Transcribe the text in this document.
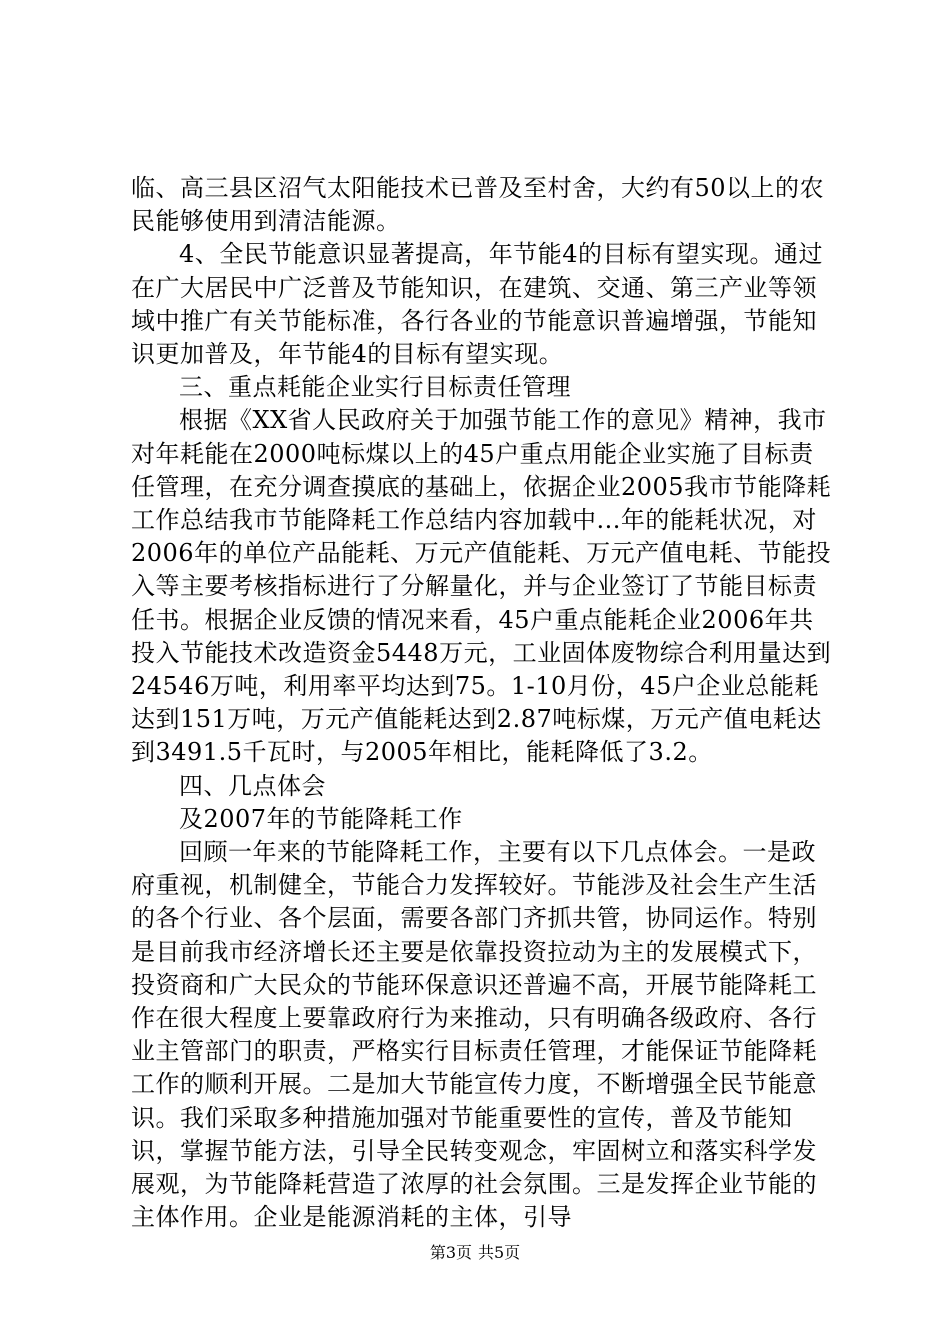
临、高三县区沼气太阳能技术已普及至村舍，大约有50以上的农民能够使用到清洁能源。

4、全民节能意识显著提高，年节能4的目标有望实现。通过在广大居民中广泛普及节能知识，在建筑、交通、第三产业等领域中推广有关节能标准，各行各业的节能意识普遍增强，节能知识更加普及，年节能4的目标有望实现。

三、重点耗能企业实行目标责任管理

根据《XX省人民政府关于加强节能工作的意见》精神，我市对年耗能在2000吨标煤以上的45户重点用能企业实施了目标责任管理，在充分调查摸底的基础上，依据企业2005我市节能降耗工作总结我市节能降耗工作总结内容加载中...年的能耗状况，对2006年的单位产品能耗、万元产值能耗、万元产值电耗、节能投入等主要考核指标进行了分解量化，并与企业签订了节能目标责任书。根据企业反馈的情况来看，45户重点能耗企业2006年共投入节能技术改造资金5448万元，工业固体废物综合利用量达到24546万吨，利用率平均达到75。1-10月份，45户企业总能耗达到151万吨，万元产值能耗达到2.87吨标煤，万元产值电耗达到3491.5千瓦时，与2005年相比，能耗降低了3.2。

四、几点体会

及2007年的节能降耗工作

回顾一年来的节能降耗工作，主要有以下几点体会。一是政府重视，机制健全，节能合力发挥较好。节能涉及社会生产生活的各个行业、各个层面，需要各部门齐抓共管，协同运作。特别是目前我市经济增长还主要是依靠投资拉动为主的发展模式下，投资商和广大民众的节能环保意识还普遍不高，开展节能降耗工作在很大程度上要靠政府行为来推动，只有明确各级政府、各行业主管部门的职责，严格实行目标责任管理，才能保证节能降耗工作的顺利开展。二是加大节能宣传力度，不断增强全民节能意识。我们采取多种措施加强对节能重要性的宣传，普及节能知识，掌握节能方法，引导全民转变观念，牢固树立和落实科学发展观，为节能降耗营造了浓厚的社会氛围。三是发挥企业节能的主体作用。企业是能源消耗的主体，引导

第3页 共5页
